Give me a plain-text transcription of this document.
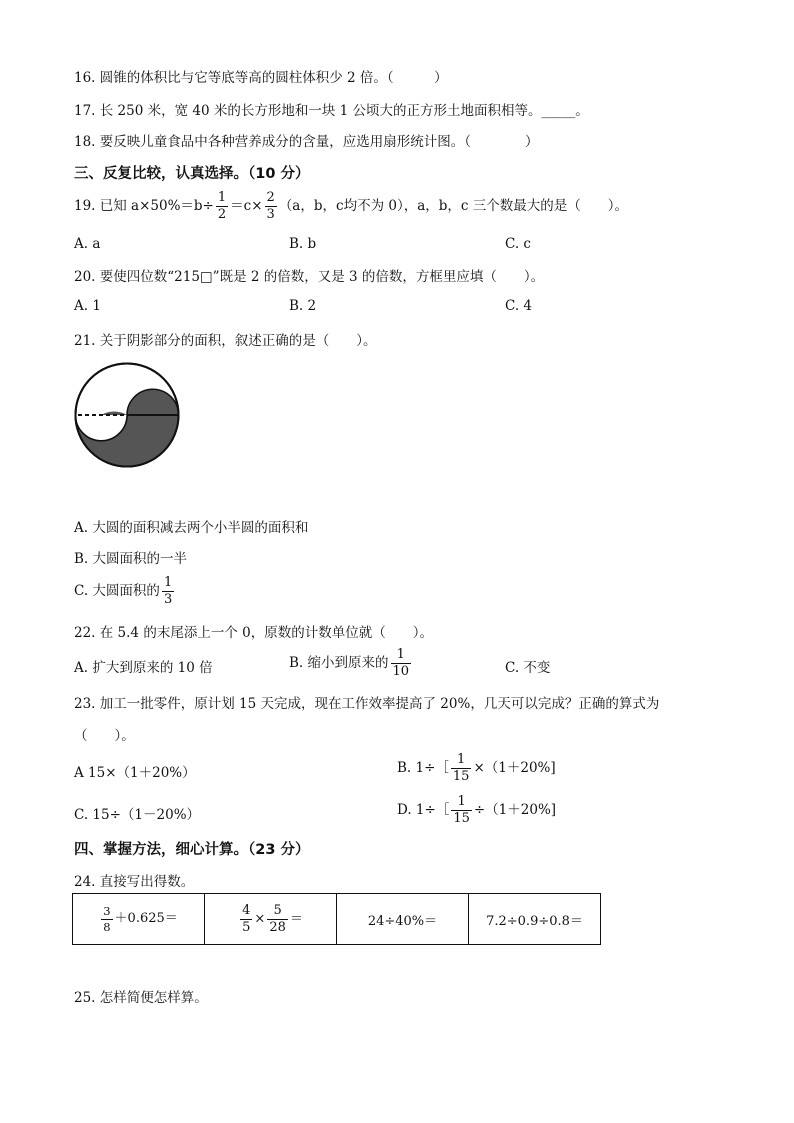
16. 圆锥的体积比与它等底等高的圆柱体积少 2 倍。（　　　）
17. 长 250 米，宽 40 米的长方形地和一块 1 公顷大的正方形土地面积相等。_____。
18. 要反映儿童食品中各种营养成分的含量，应选用扇形统计图。（　　　　）
三、反复比较，认真选择。（10 分）
19. 已知 $a\times 50\%=b\div \frac{1}{2} =c\times \frac{2}{3} (a$，b，c均不为 0），a，b，c 三个数最大的是（　　）。
A. a	B. b	C. c
20. 要使四位数“215□”既是 2 的倍数，又是 3 的倍数，方框里应填（　　）。
A. 1	B. 2	C. 4
21. 关于阴影部分的面积，叙述正确的是（　　）。
A. 大圆的面积减去两个小半圆的面积和
B. 大圆面积的一半
C. 大圆面积的 $\frac{1}{3}$
22. 在 5.4 的末尾添上一个 0，原数的计数单位就（　　）。
A. 扩大到原来的 10 倍	B. 缩小到原来的 $\frac{1}{10}$	C. 不变
23. 加工一批零件，原计划 15 天完成，现在工作效率提高了 20%，几天可以完成？正确的算式为
（　　）。
A 15×（1＋20%）	B. 1÷［ $\frac{1}{15} \times(1+20\%]$
C. 15÷（1－20%）	D. 1÷［ $\frac{1}{15} \div(1+20\%]$
四、掌握方法，细心计算。（23 分）
24. 直接写出得数。
$\frac{3}{8} +0.625=$	$\frac{4}{5} \times \frac{5}{28}$ ＝	24÷40%＝	7.2÷0.9÷0.8＝
25. 怎样简便怎样算。
